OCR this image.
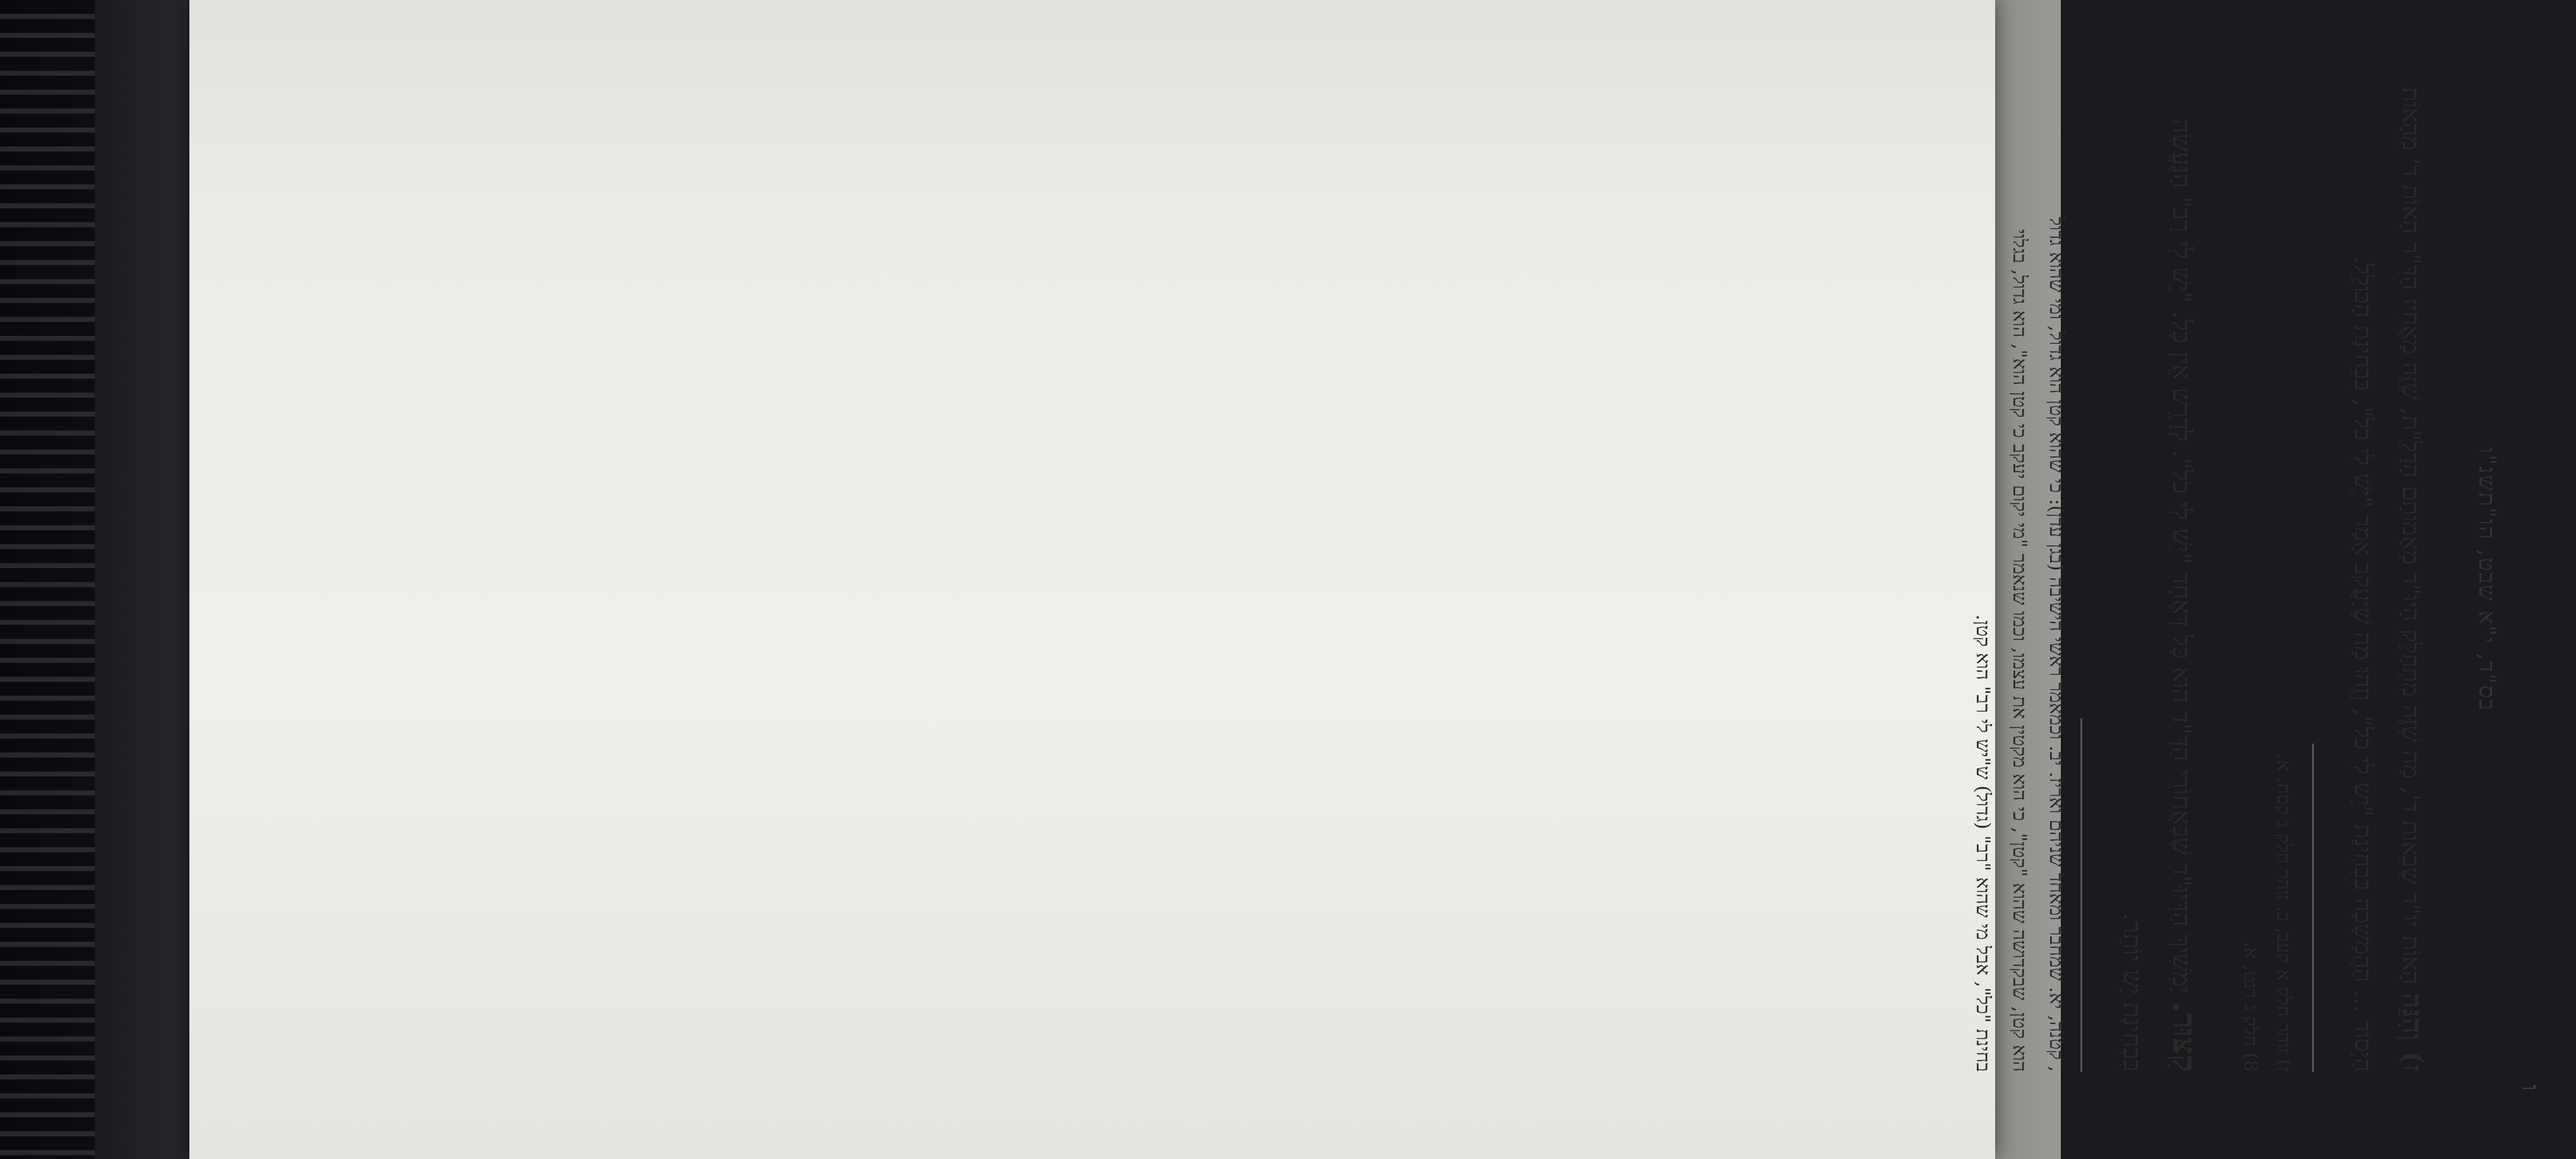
ו
בס"ד, י"א שבט, הו"תשנ"ו

ז) וְהִנֵּה הָאוֹת יו"ד שֶׁבְּאוֹת ד', מָה שֶׁזֶּה מִתְחַלֵּק הָיוּ"ד מֵאָמוּתָם הָדָלֵ"ת, שֶׁזֶּה מַאֲחִיז הַדִּ"ר הָאוֹת ד' מֵהָאוֹת הַיְסוֹד ... הַהֲמָשָׁכָה בִּבְחִינַת "יֵשׁ לִי כֹל", וְזֶהוּ מָה שֶׁיַּעֲקֹב אָמַר "יֶשׁ לִי כֹל", בִּבְחִינַת הַכּוֹלֵל.

ז) זוהר חלק א קעב, ב. זוהר חלק ג קסח, א.

8) חלק ג רנט, א.

קִצּוּר. יַמְשִׁיךְ הַדִּיוּ"ד שֶׁבַּאֲחוֹרֵי הַדָּ"ד הוּא כָּל דְּאֶחָד "יֵשׁ לִי כֹל". לְדָרֵשׁ אֵין כָּל. "יֵשׁ לִי רַב" הַנֶּעֱשָׂה בִּבְחִינַת יֵשׁ יוֹתֵר.

, קטנה, יא. שמחבר ומאחד שניהם ואריז. יב. וכמאמר ראשי הישיבה (בגן עדן): כי שהוא קטן הוא גדול, ומי שהוא גדול
הוא קטן, שבקדושה שהוא "קטן", כי הוא מקטין את עצמו, וכמו שנאמר "מי יקום יעקב כי קטן הוא", הוא גדול, בגלוי
בחינת "כל", אבל מי שהוא "רב" (גדול) ש"יש לי רב" הוא קטן.
